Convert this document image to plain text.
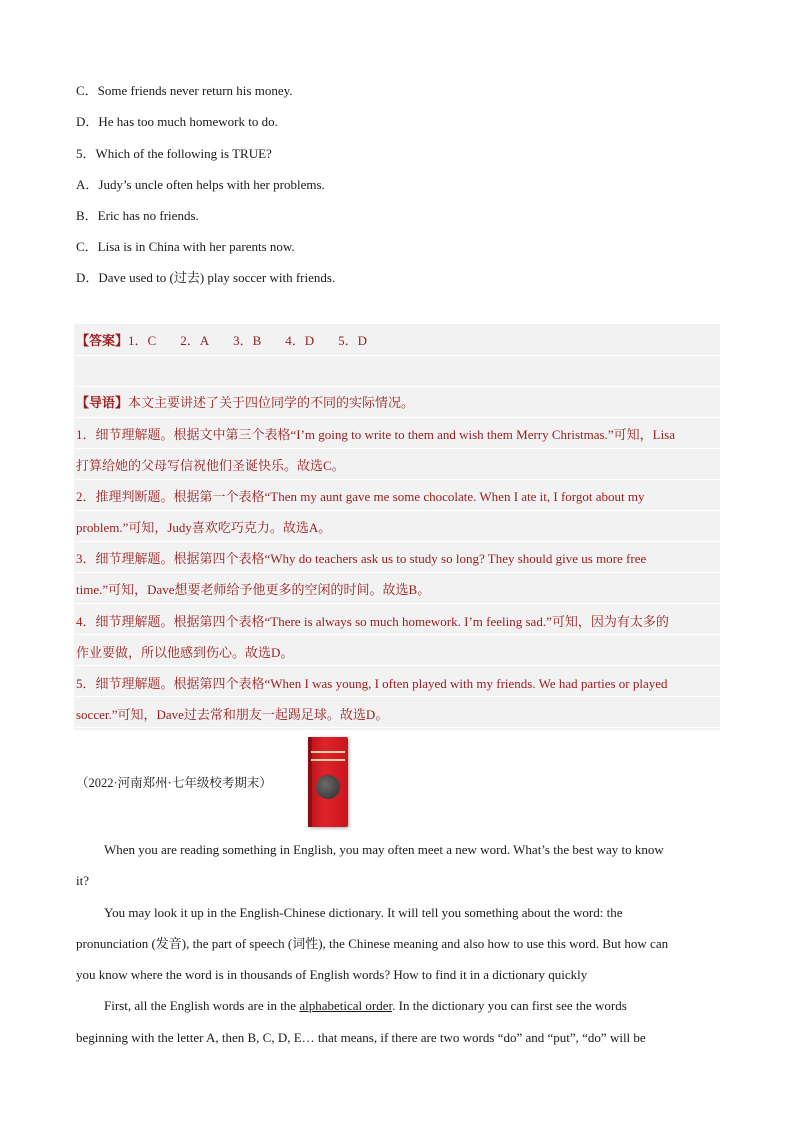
C．Some friends never return his money.
D．He has too much homework to do.
5．Which of the following is TRUE?
A．Judy’s uncle often helps with her problems.
B．Eric has no friends.
C．Lisa is in China with her parents now.
D．Dave used to (过去) play soccer with friends.
【答案】1．C 2．A 3．B 4．D 5．D
【导语】本文主要讲述了关于四位同学的不同的实际情况。
1．细节理解题。根据文中第三个表格“I’m going to write to them and wish them Merry Christmas.”可知，Lisa
打算给她的父母写信祝他们圣诞快乐。故选C。
2．推理判断题。根据第一个表格“Then my aunt gave me some chocolate. When I ate it, I forgot about my
problem.”可知，Judy喜欢吃巧克力。故选A。
3．细节理解题。根据第四个表格“Why do teachers ask us to study so long? They should give us more free
time.”可知，Dave想要老师给予他更多的空闲的时间。故选B。
4．细节理解题。根据第四个表格“There is always so much homework. I’m feeling sad.”可知，因为有太多的
作业要做，所以他感到伤心。故选D。
5．细节理解题。根据第四个表格“When I was young, I often played with my friends. We had parties or played
soccer.”可知，Dave过去常和朋友一起踢足球。故选D。
（2022·河南郑州·七年级校考期末）
When you are reading something in English, you may often meet a new word. What’s the best way to know
it?
You may look it up in the English-Chinese dictionary. It will tell you something about the word: the
pronunciation (发音), the part of speech (词性), the Chinese meaning and also how to use this word. But how can
you know where the word is in thousands of English words? How to find it in a dictionary quickly
First, all the English words are in the alphabetical order. In the dictionary you can first see the words
beginning with the letter A, then B, C, D, E… that means, if there are two words “do” and “put”, “do” will be
